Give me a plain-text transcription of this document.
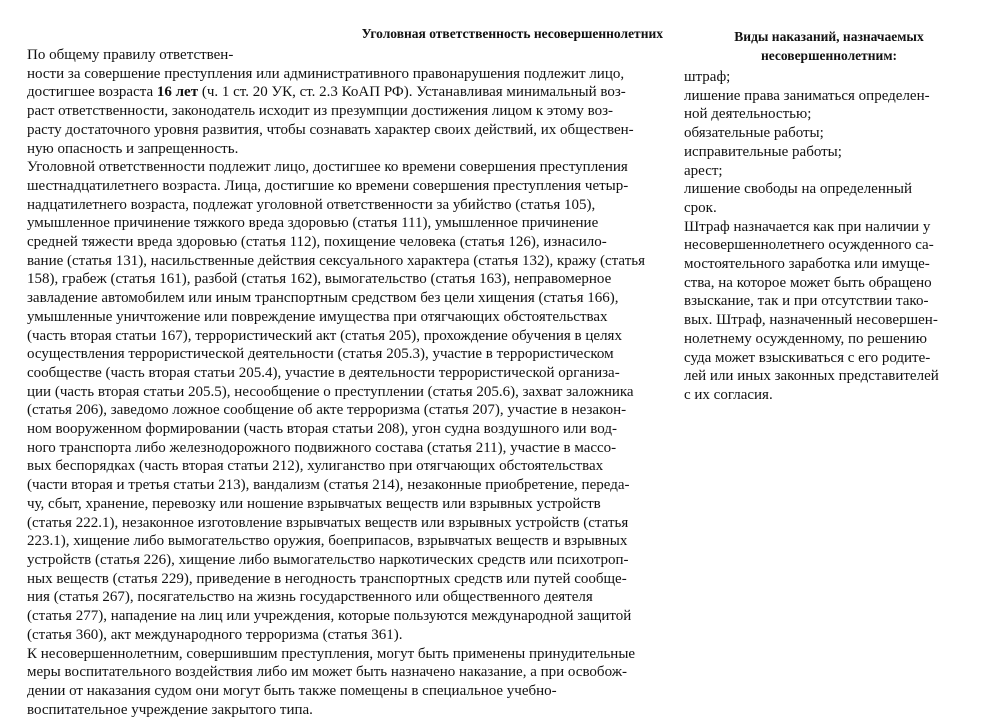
Уголовная ответственность несовершеннолетних

По общему правилу ответствен-
ности за совершение преступления или административного правонарушения подлежит лицо,
достигшее возраста 16 лет (ч. 1 ст. 20 УК, ст. 2.3 КоАП РФ). Устанавливая минимальный воз-
раст ответственности, законодатель исходит из презумпции достижения лицом к этому воз-
расту достаточного уровня развития, чтобы сознавать характер своих действий, их обществен-
ную опасность и запрещенность.

Уголовной ответственности подлежит лицо, достигшее ко времени совершения преступления
шестнадцатилетнего возраста. Лица, достигшие ко времени совершения преступления четыр-
надцатилетнего возраста, подлежат уголовной ответственности за убийство (статья 105),
умышленное причинение тяжкого вреда здоровью (статья 111), умышленное причинение
средней тяжести вреда здоровью (статья 112), похищение человека (статья 126), изнасило-
вание (статья 131), насильственные действия сексуального характера (статья 132), кражу (статья
158), грабеж (статья 161), разбой (статья 162), вымогательство (статья 163), неправомерное
завладение автомобилем или иным транспортным средством без цели хищения (статья 166),
умышленные уничтожение или повреждение имущества при отягчающих обстоятельствах
(часть вторая статьи 167), террористический акт (статья 205), прохождение обучения в целях
осуществления террористической деятельности (статья 205.3), участие в террористическом
сообществе (часть вторая статьи 205.4), участие в деятельности террористической организа-
ции (часть вторая статьи 205.5), несообщение о преступлении (статья 205.6), захват заложника
(статья 206), заведомо ложное сообщение об акте терроризма (статья 207), участие в незакон-
ном вооруженном формировании (часть вторая статьи 208), угон судна воздушного или вод-
ного транспорта либо железнодорожного подвижного состава (статья 211), участие в массо-
вых беспорядках (часть вторая статьи 212), хулиганство при отягчающих обстоятельствах
(части вторая и третья статьи 213), вандализм (статья 214), незаконные приобретение, переда-
чу, сбыт, хранение, перевозку или ношение взрывчатых веществ или взрывных устройств
(статья 222.1), незаконное изготовление взрывчатых веществ или взрывных устройств (статья
223.1), хищение либо вымогательство оружия, боеприпасов, взрывчатых веществ и взрывных
устройств (статья 226), хищение либо вымогательство наркотических средств или психотроп-
ных веществ (статья 229), приведение в негодность транспортных средств или путей сообще-
ния (статья 267), посягательство на жизнь государственного или общественного деятеля
(статья 277), нападение на лиц или учреждения, которые пользуются международной защитой
(статья 360), акт международного терроризма (статья 361).

К несовершеннолетним, совершившим преступления, могут быть применены принудительные
меры воспитательного воздействия либо им может быть назначено наказание, а при освобож-
дении от наказания судом они могут быть также помещены в специальное учебно-
воспитательное учреждение закрытого типа.

Виды наказаний, назначаемых
несовершеннолетним:
штраф;
лишение права заниматься определен-
ной деятельностью;
обязательные работы;
исправительные работы;
арест;
лишение свободы на определенный
срок.

Штраф назначается как при наличии у
несовершеннолетнего осужденного са-
мостоятельного заработка или имуще-
ства, на которое может быть обращено
взыскание, так и при отсутствии тако-
вых. Штраф, назначенный несовершен-
нолетнему осужденному, по решению
суда может взыскиваться с его родите-
лей или иных законных представителей
с их согласия.
